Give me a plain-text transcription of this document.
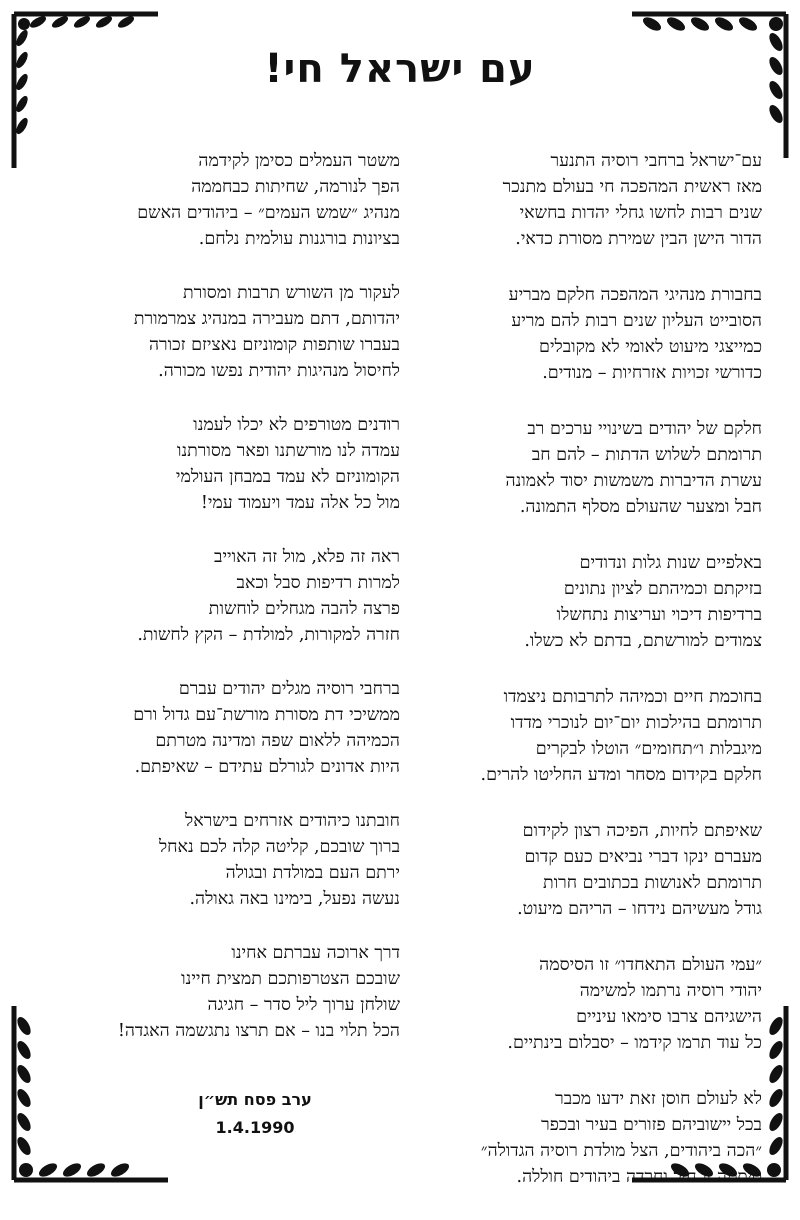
עם ישראל חי!
עם־ישראל ברחבי רוסיה התנער
מאז ראשית המהפכה חי בעולם מתנכר
שנים רבות לחשו גחלי יהדות בחשאי
הדור הישן הבין שמירת מסורת כדאי.
בחבורת מנהיגי המהפכה חלקם מבריע
הסובייט העליון שנים רבות להם מריע
כמייצגי מיעוט לאומי לא מקובלים
כדורשי זכויות אזרחיות – מנודים.
חלקם של יהודים בשינויי ערכים רב
תרומתם לשלוש הדתות – להם חב
עשרת הדיברות משמשות יסוד לאמונה
חבל ומצער שהעולם מסלף התמונה.
באלפיים שנות גלות ונדודים
בזיקתם וכמיהתם לציון נתונים
ברדיפות דיכוי ועריצות נתחשלו
צמודים למורשתם, בדתם לא כשלו.
בחוכמת חיים וכמיהה לתרבותם ניצמדו
תרומתם בהילכות יום־יום לנוכרי מדדו
מיגבלות ו״תחומים״ הוטלו לבקרים
חלקם בקידום מסחר ומדע החליטו להרים.
שאיפתם לחיות, הפיכה רצון לקידום
מעברם ינקו דברי נביאים כעם קדום
תרומתם לאנושות בכתובים חרות
גודל מעשיהם נידחו – הריהם מיעוט.
״עמי העולם התאחדו״ זו הסיסמה
יהודי רוסיה נרתמו למשימה
הישגיהם צרבו סימאו עיניים
כל עוד תרמו קידמו – יסבלום בינתיים.
לא לעולם חוסן זאת ידעו מכבר
בכל יישוביהם פזורים בעיר ובכפר
״הכה ביהודים, הצל מולדת רוסיה הגדולה״
סיסמה זו חיל וחרדה ביהודים חוללה.
משטר העמלים כסימן לקידמה
הפך לנורמה, שחיתות כבחממה
מנהיג ״שמש העמים״ – ביהודים האשם
בציונות בורגנות עולמית נלחם.
לעקור מן השורש תרבות ומסורת
יהדותם, דתם מעבירה במנהיג צמרמורת
בעברו שותפות קומוניזם נאציזם זכורה
לחיסול מנהיגות יהודית נפשו מכורה.
רודנים מטורפים לא יכלו לעמנו
עמדה לנו מורשתנו ופאר מסורתנו
הקומוניזם לא עמד במבחן העולמי
מול כל אלה עמד ויעמוד עמי!
ראה זה פלא, מול זה האוייב
למרות רדיפות סבל וכאב
פרצה להבה מגחלים לוחשות
חזרה למקורות, למולדת – הקץ לחשות.
ברחבי רוסיה מגלים יהודים עברם
ממשיכי דת מסורת מורשת־עם גדול ורם
הכמיהה ללאום שפה ומדינה מטרתם
היות אדונים לגורלם עתידם – שאיפתם.
חובתנו כיהודים אזרחים בישראל
ברוך שובכם, קליטה קלה לכם נאחל
ירתם העם במולדת ובגולה
נעשה נפעל, בימינו באה גאולה.
דרך ארוכה עברתם אחינו
שובכם הצטרפותכם תמצית חיינו
שולחן ערוך ליל סדר – חגיגה
הכל תלוי בנו – אם תרצו נתגשמה האגדה!
ערב פסח תש״ן
1.4.1990
